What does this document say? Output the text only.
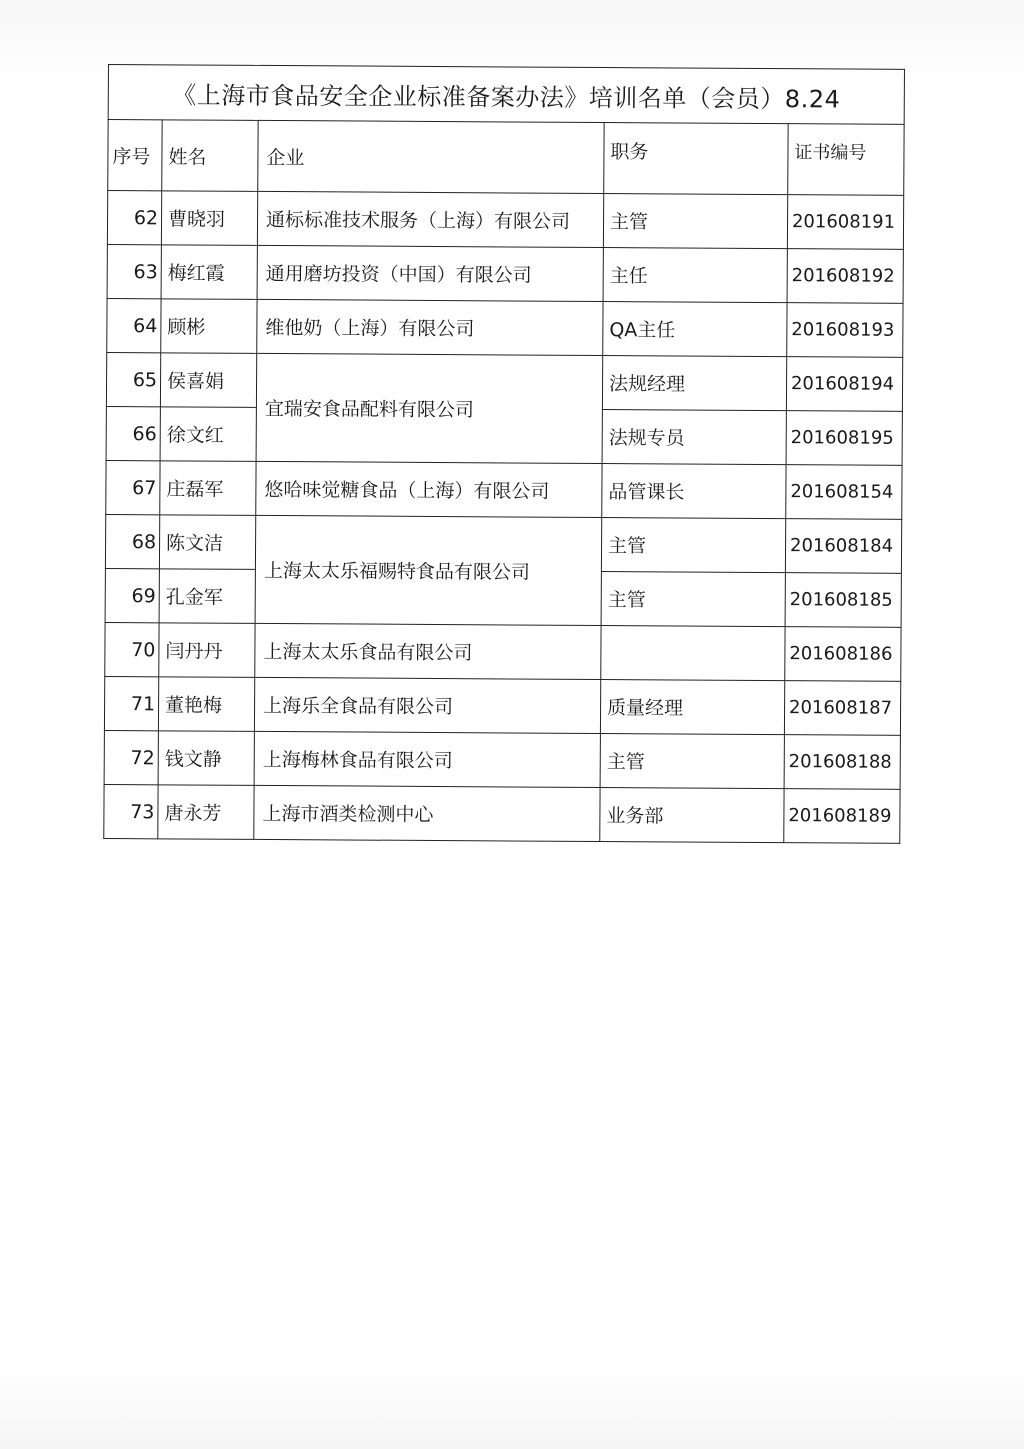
《上海市食品安全企业标准备案办法》培训名单（会员）8.24				
序号	姓名	企业	职务	证书编号
62	曹晓羽	通标标准技术服务（上海）有限公司	主管	201608191
63	梅红霞	通用磨坊投资（中国）有限公司	主任	201608192
64	顾彬	维他奶（上海）有限公司	QA主任	201608193
65	侯喜娟	宜瑞安食品配料有限公司	法规经理	201608194
66	徐文红		法规专员	201608195
67	庄磊军	悠哈味觉糖食品（上海）有限公司	品管课长	201608154
68	陈文洁	上海太太乐福赐特食品有限公司	主管	201608184
69	孔金军		主管	201608185
70	闫丹丹	上海太太乐食品有限公司		201608186
71	董艳梅	上海乐全食品有限公司	质量经理	201608187
72	钱文静	上海梅林食品有限公司	主管	201608188
73	唐永芳	上海市酒类检测中心	业务部	201608189
